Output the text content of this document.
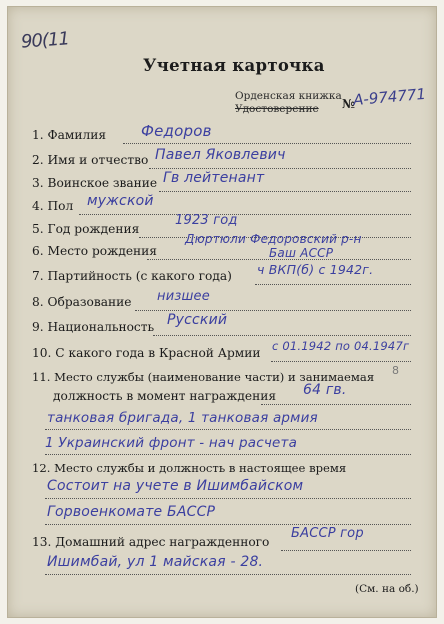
90(11
Учетная карточка
Орденская книжка
Удостоверение	№
А-974771
1. Фамилия Федоров
2. Имя и отчество Павел Яковлевич
3. Воинское звание Гв лейтенант
4. Пол мужской
5. Год рождения
1923 год
6. Место рождения
Дюртюли Федоровский р-н
Баш АССР
7. Партийность (с какого года) ч ВКП(б) с 1942г.
8. Образование низшее
9. Национальность Русский
10. С какого года в Красной Армии с 01.1942 по 04.1947г
11. Место службы (наименование части) и занимаемая
должность в момент награждения 64 гв.
танковая бригада, 1 танковая армия
1 Украинский фронт - нач расчета
12. Место службы и должность в настоящее время
Состоит на учете в Ишимбайском
Горвоенкомате БАССР
13. Домашний адрес награжденного
БАССР гор
Ишимбай, ул 1 майская - 28.
(См. на об.)
8
